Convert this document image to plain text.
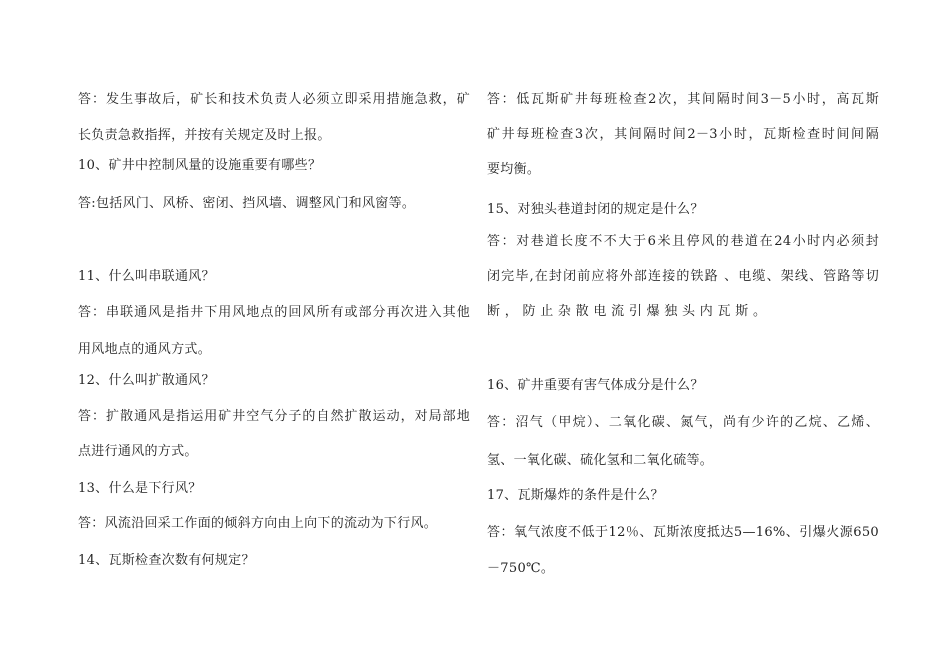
答：发生事故后，矿长和技术负责人必须立即采用措施急救，矿
长负责急救指挥，并按有关规定及时上报。
10、矿井中控制风量的设施重要有哪些？
答:包括风门、风桥、密闭、挡风墙、调整风门和风窗等。
11、什么叫串联通风？
答：串联通风是指井下用风地点的回风所有或部分再次进入其他
用风地点的通风方式。
12、什么叫扩散通风？
答：扩散通风是指运用矿井空气分子的自然扩散运动，对局部地
点进行通风的方式。
13、什么是下行风？
答：风流沿回采工作面的倾斜方向由上向下的流动为下行风。
14、瓦斯检查次数有何规定？
答：低瓦斯矿井每班检查2次，其间隔时间3－5小时，高瓦斯
矿井每班检查3次，其间隔时间2－3小时，瓦斯检查时间间隔
要均衡。
15、对独头巷道封闭的规定是什么？
答：对巷道长度不不大于6米且停风的巷道在24小时内必须封
闭完毕,在封闭前应将外部连接的铁路 、电缆、架线、管路等切
断 ， 防 止 杂 散 电 流 引 爆 独 头 内 瓦 斯 。
16、矿井重要有害气体成分是什么？
答：沼气（甲烷）、二氧化碳、氮气，尚有少许的乙烷、乙烯、
氢、一氧化碳、硫化氢和二氧化硫等。
17、瓦斯爆炸的条件是什么？
答：氧气浓度不低于12％、瓦斯浓度抵达5—16%、引爆火源650
－750℃。
